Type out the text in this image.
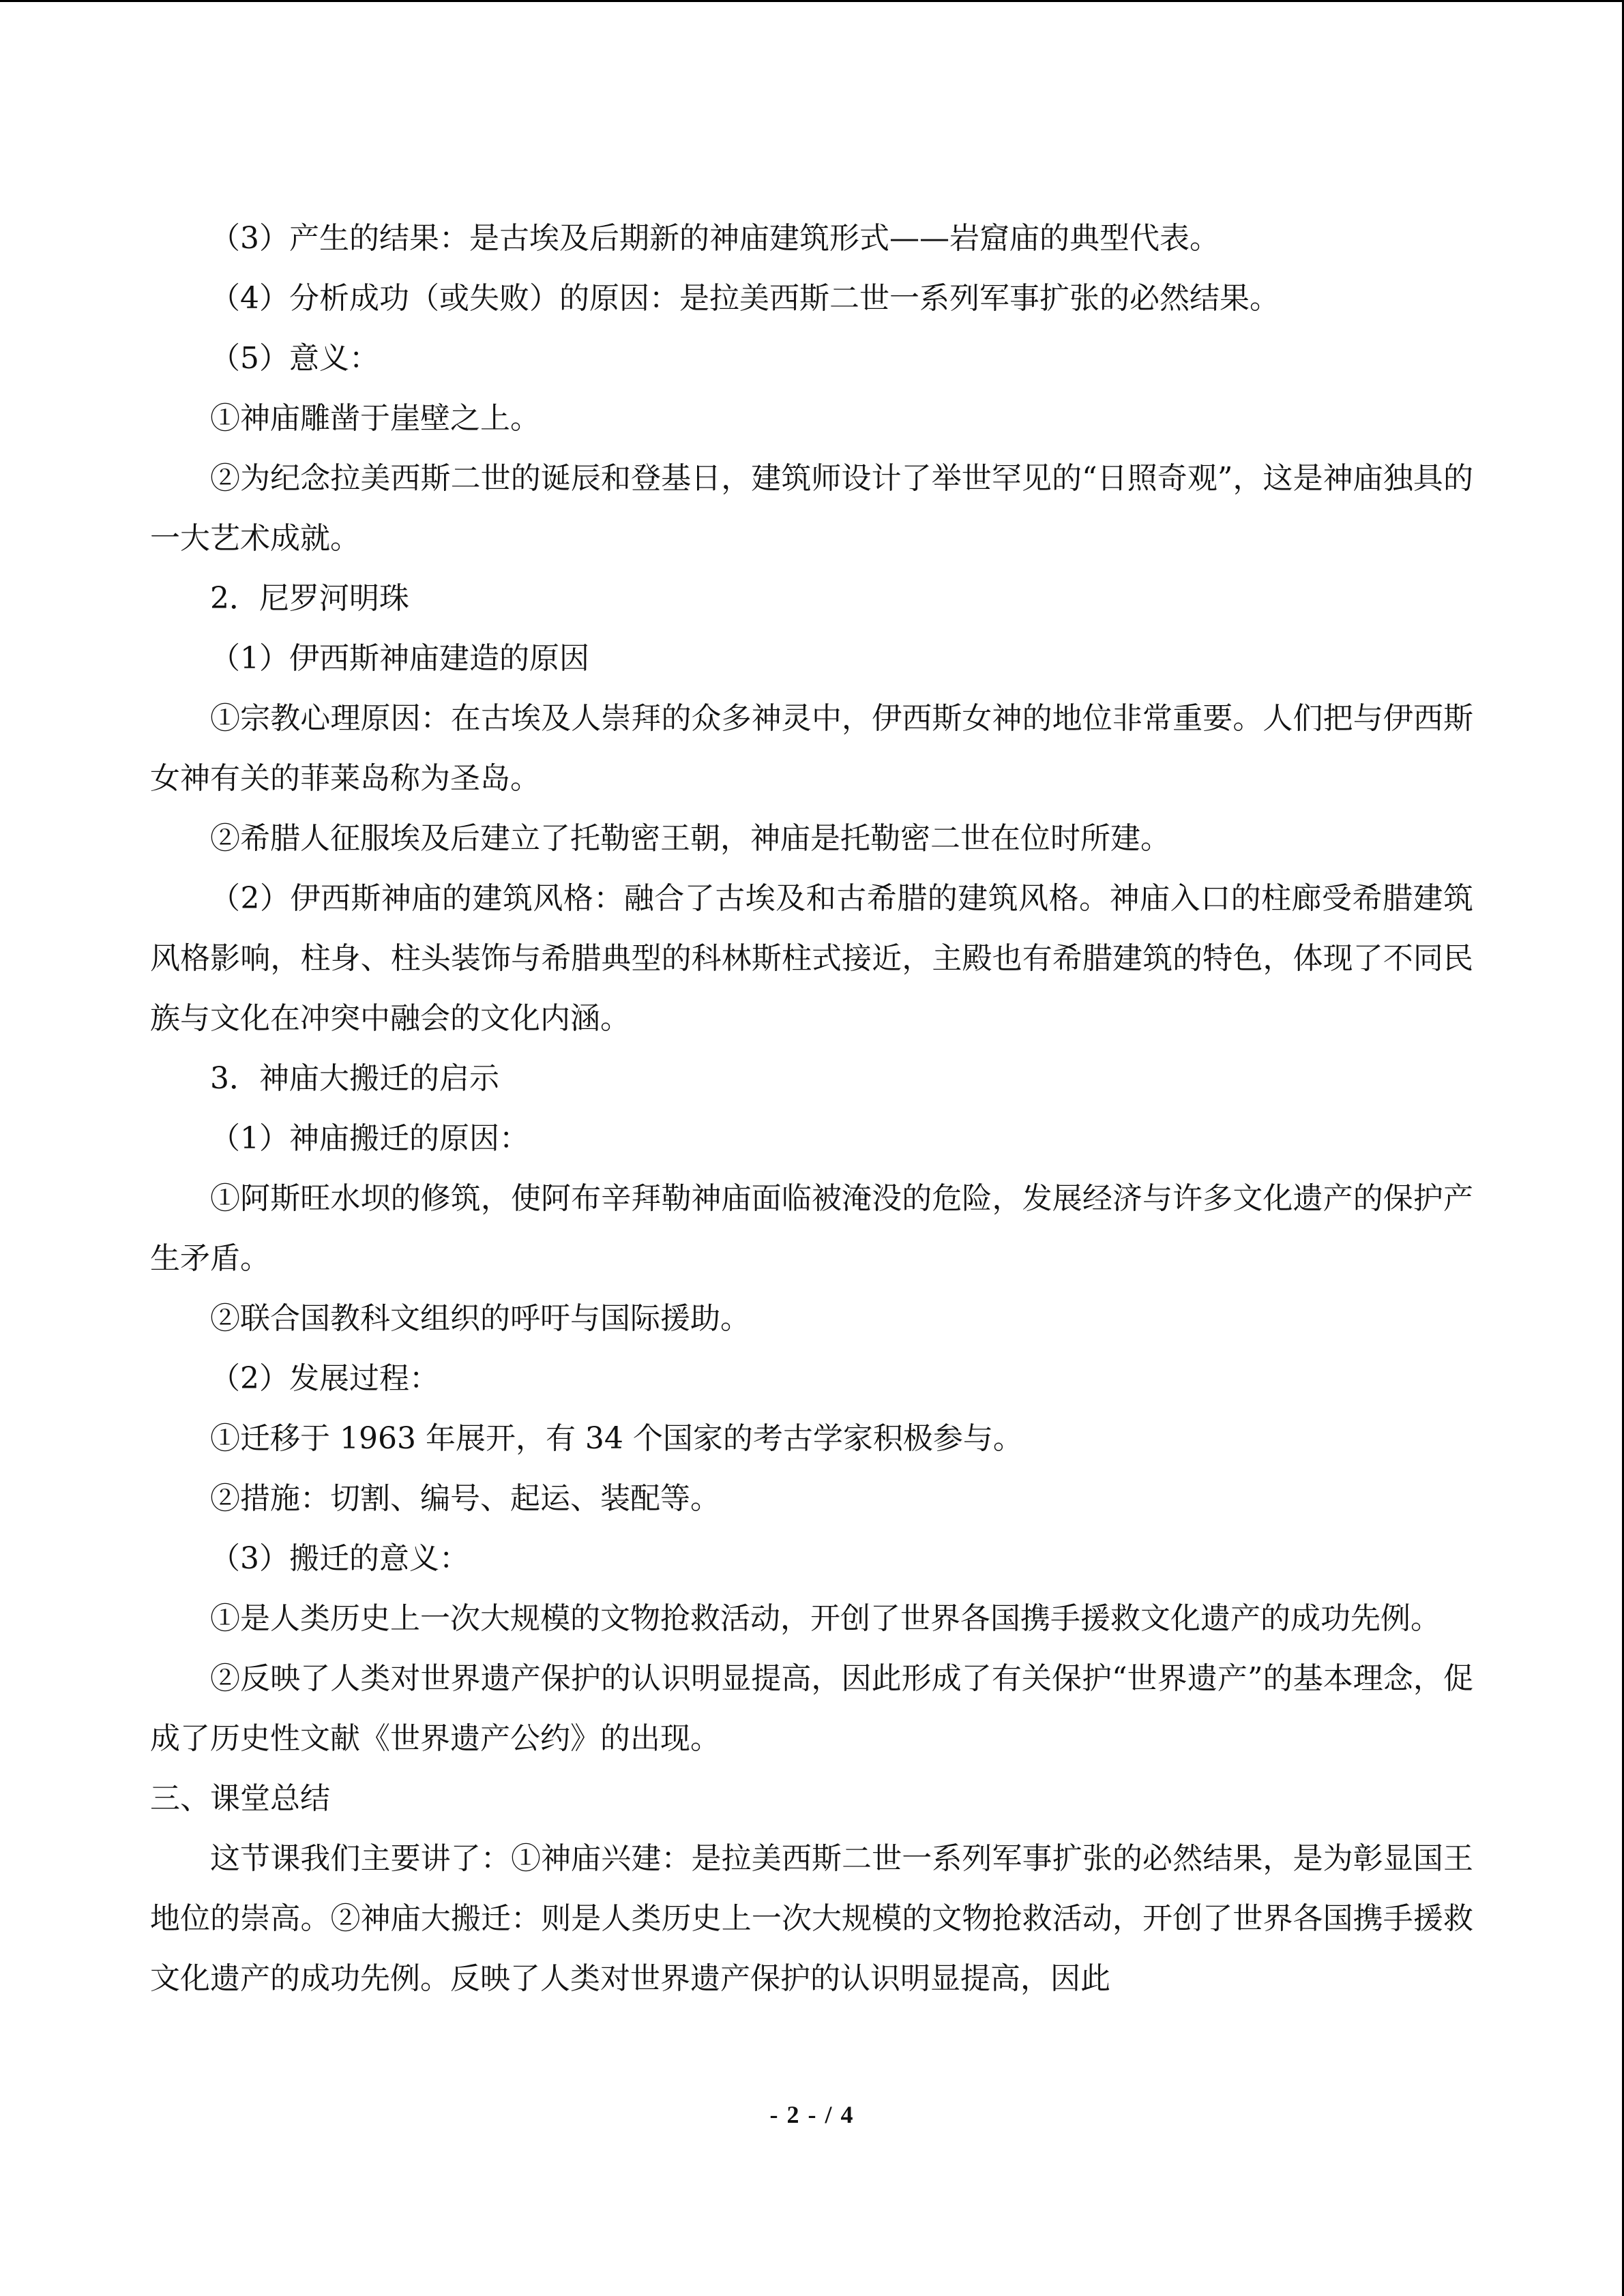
（3）产生的结果：是古埃及后期新的神庙建筑形式——岩窟庙的典型代表。

（4）分析成功（或失败）的原因：是拉美西斯二世一系列军事扩张的必然结果。

（5）意义：

①神庙雕凿于崖壁之上。

②为纪念拉美西斯二世的诞辰和登基日，建筑师设计了举世罕见的“日照奇观”，这是神庙独具的一大艺术成就。

2．尼罗河明珠

（1）伊西斯神庙建造的原因

①宗教心理原因：在古埃及人崇拜的众多神灵中，伊西斯女神的地位非常重要。人们把与伊西斯女神有关的菲莱岛称为圣岛。

②希腊人征服埃及后建立了托勒密王朝，神庙是托勒密二世在位时所建。

（2）伊西斯神庙的建筑风格：融合了古埃及和古希腊的建筑风格。神庙入口的柱廊受希腊建筑风格影响，柱身、柱头装饰与希腊典型的科林斯柱式接近，主殿也有希腊建筑的特色，体现了不同民族与文化在冲突中融会的文化内涵。

3．神庙大搬迁的启示

（1）神庙搬迁的原因：

①阿斯旺水坝的修筑，使阿布辛拜勒神庙面临被淹没的危险，发展经济与许多文化遗产的保护产生矛盾。

②联合国教科文组织的呼吁与国际援助。

（2）发展过程：

①迁移于 1963 年展开，有 34 个国家的考古学家积极参与。

②措施：切割、编号、起运、装配等。

（3）搬迁的意义：

①是人类历史上一次大规模的文物抢救活动，开创了世界各国携手援救文化遗产的成功先例。

②反映了人类对世界遗产保护的认识明显提高，因此形成了有关保护“世界遗产”的基本理念，促成了历史性文献《世界遗产公约》的出现。

三、课堂总结

这节课我们主要讲了：①神庙兴建：是拉美西斯二世一系列军事扩张的必然结果，是为彰显国王地位的崇高。②神庙大搬迁：则是人类历史上一次大规模的文物抢救活动，开创了世界各国携手援救文化遗产的成功先例。反映了人类对世界遗产保护的认识明显提高，因此

- 2 - / 4
